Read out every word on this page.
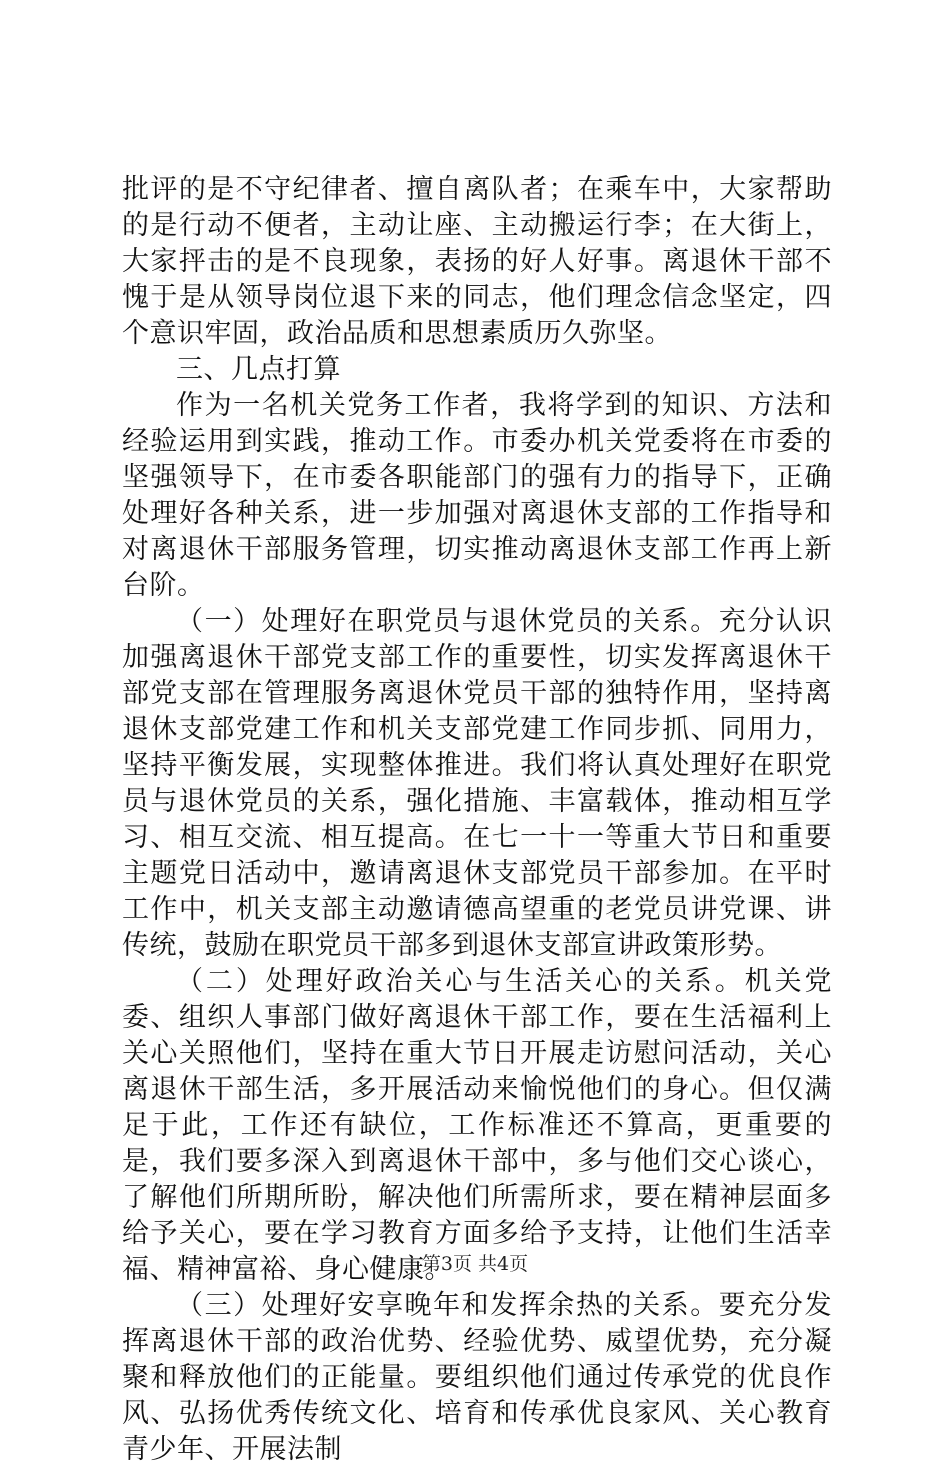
批评的是不守纪律者、擅自离队者；在乘车中，大家帮助的是行动不便者，主动让座、主动搬运行李；在大街上，大家抨击的是不良现象，表扬的好人好事。离退休干部不愧于是从领导岗位退下来的同志，他们理念信念坚定，四个意识牢固，政治品质和思想素质历久弥坚。

三、几点打算

作为一名机关党务工作者，我将学到的知识、方法和经验运用到实践，推动工作。市委办机关党委将在市委的坚强领导下，在市委各职能部门的强有力的指导下，正确处理好各种关系，进一步加强对离退休支部的工作指导和对离退休干部服务管理，切实推动离退休支部工作再上新台阶。

（一）处理好在职党员与退休党员的关系。充分认识加强离退休干部党支部工作的重要性，切实发挥离退休干部党支部在管理服务离退休党员干部的独特作用，坚持离退休支部党建工作和机关支部党建工作同步抓、同用力，坚持平衡发展，实现整体推进。我们将认真处理好在职党员与退休党员的关系，强化措施、丰富载体，推动相互学习、相互交流、相互提高。在七一十一等重大节日和重要主题党日活动中，邀请离退休支部党员干部参加。在平时工作中，机关支部主动邀请德高望重的老党员讲党课、讲传统，鼓励在职党员干部多到退休支部宣讲政策形势。

（二）处理好政治关心与生活关心的关系。机关党委、组织人事部门做好离退休干部工作，要在生活福利上关心关照他们，坚持在重大节日开展走访慰问活动，关心离退休干部生活，多开展活动来愉悦他们的身心。但仅满足于此，工作还有缺位，工作标准还不算高，更重要的是，我们要多深入到离退休干部中，多与他们交心谈心，了解他们所期所盼，解决他们所需所求，要在精神层面多给予关心，要在学习教育方面多给予支持，让他们生活幸福、精神富裕、身心健康。

（三）处理好安享晚年和发挥余热的关系。要充分发挥离退休干部的政治优势、经验优势、威望优势，充分凝聚和释放他们的正能量。要组织他们通过传承党的优良作风、弘扬优秀传统文化、培育和传承优良家风、关心教育青少年、开展法制

第3页 共4页
